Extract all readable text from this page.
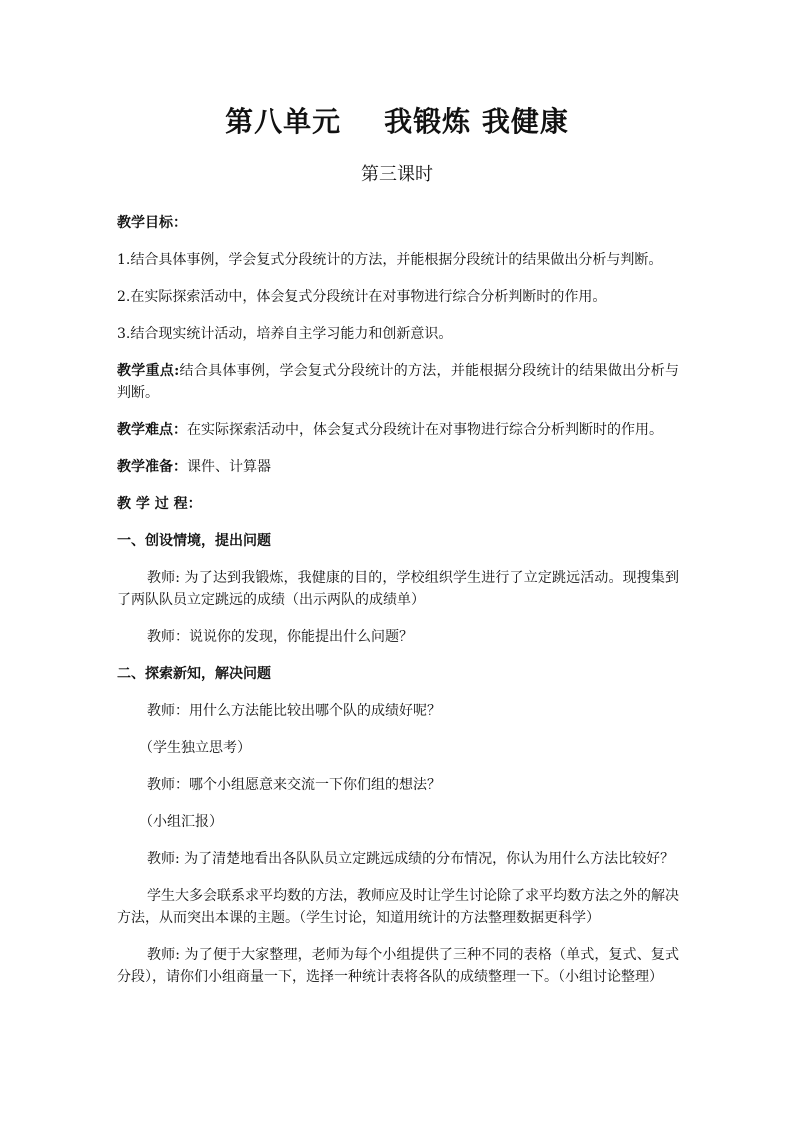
第八单元    我锻炼 我健康
第三课时

教学目标：

1.结合具体事例，学会复式分段统计的方法，并能根据分段统计的结果做出分析与判断。

2.在实际探索活动中，体会复式分段统计在对事物进行综合分析判断时的作用。

3.结合现实统计活动，培养自主学习能力和创新意识。

教学重点:结合具体事例，学会复式分段统计的方法，并能根据分段统计的结果做出分析与判断。

教学难点：在实际探索活动中，体会复式分段统计在对事物进行综合分析判断时的作用。

教学准备：课件、计算器

教 学 过 程：

一、创设情境，提出问题

教师: 为了达到我锻炼，我健康的目的，学校组织学生进行了立定跳远活动。现搜集到了两队队员立定跳远的成绩（出示两队的成绩单）

教师：说说你的发现，你能提出什么问题？

二、探索新知，解决问题

教师：用什么方法能比较出哪个队的成绩好呢？

（学生独立思考）

教师：哪个小组愿意来交流一下你们组的想法？

（小组汇报）

教师: 为了清楚地看出各队队员立定跳远成绩的分布情况，你认为用什么方法比较好？

学生大多会联系求平均数的方法，教师应及时让学生讨论除了求平均数方法之外的解决方法，从而突出本课的主题。（学生讨论，知道用统计的方法整理数据更科学）

教师: 为了便于大家整理，老师为每个小组提供了三种不同的表格（单式，复式、复式分段），请你们小组商量一下，选择一种统计表将各队的成绩整理一下。（小组讨论整理）
